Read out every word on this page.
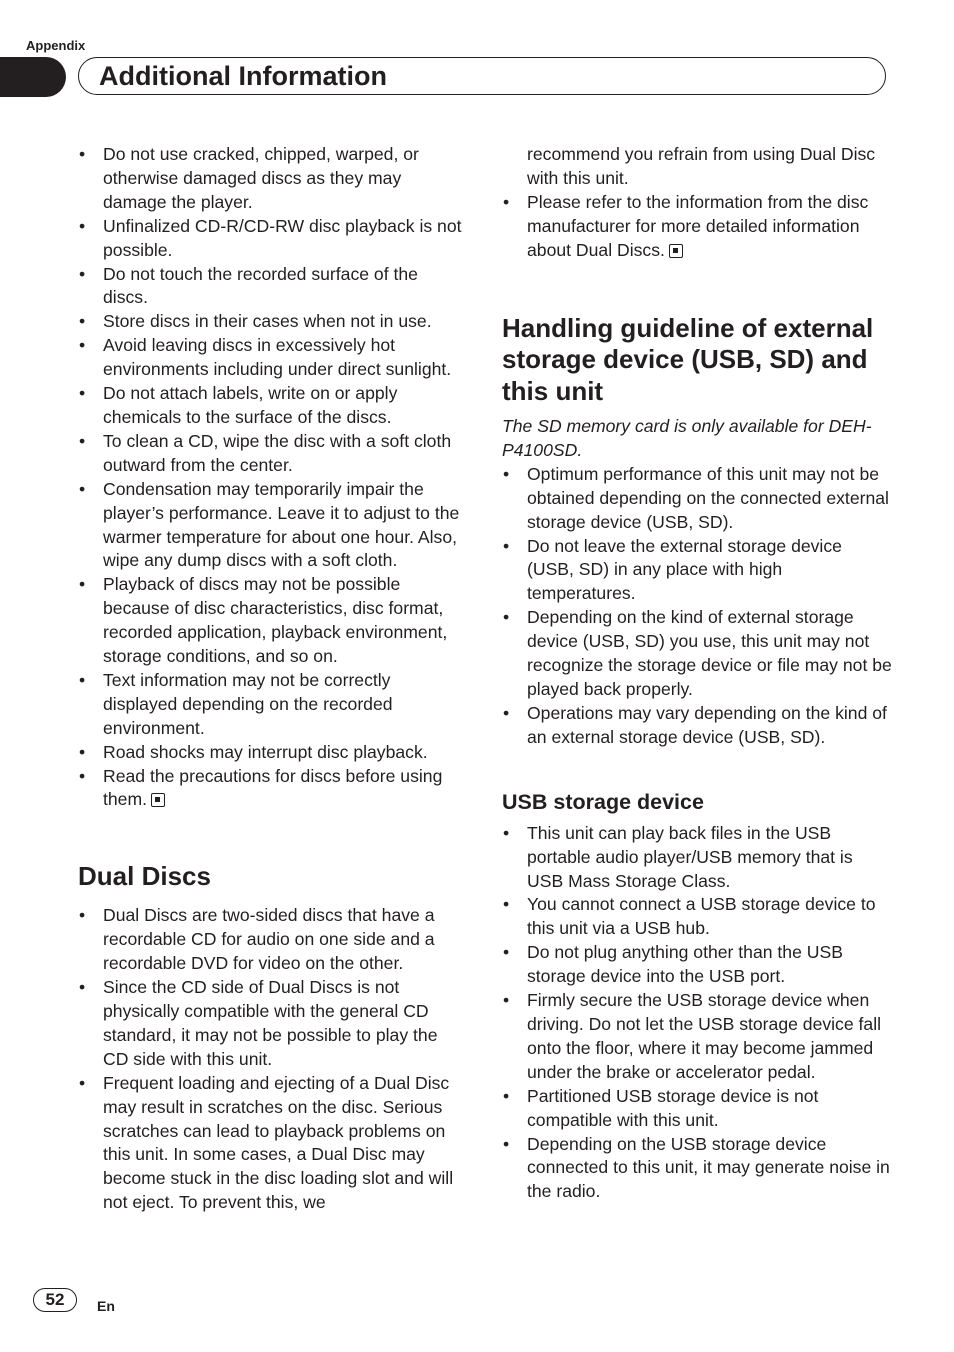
Appendix
Additional Information
• Do not use cracked, chipped, warped, or otherwise damaged discs as they may damage the player.
• Unfinalized CD-R/CD-RW disc playback is not possible.
• Do not touch the recorded surface of the discs.
• Store discs in their cases when not in use.
• Avoid leaving discs in excessively hot environments including under direct sunlight.
• Do not attach labels, write on or apply chemicals to the surface of the discs.
• To clean a CD, wipe the disc with a soft cloth outward from the center.
• Condensation may temporarily impair the player’s performance. Leave it to adjust to the warmer temperature for about one hour. Also, wipe any dump discs with a soft cloth.
• Playback of discs may not be possible because of disc characteristics, disc format, recorded application, playback environment, storage conditions, and so on.
• Text information may not be correctly displayed depending on the recorded environment.
• Road shocks may interrupt disc playback.
• Read the precautions for discs before using them.
Dual Discs
• Dual Discs are two-sided discs that have a recordable CD for audio on one side and a recordable DVD for video on the other.
• Since the CD side of Dual Discs is not physically compatible with the general CD standard, it may not be possible to play the CD side with this unit.
• Frequent loading and ejecting of a Dual Disc may result in scratches on the disc. Serious scratches can lead to playback problems on this unit. In some cases, a Dual Disc may become stuck in the disc loading slot and will not eject. To prevent this, we
recommend you refrain from using Dual Disc with this unit.
• Please refer to the information from the disc manufacturer for more detailed information about Dual Discs.
Handling guideline of external storage device (USB, SD) and this unit
The SD memory card is only available for DEH-P4100SD.
• Optimum performance of this unit may not be obtained depending on the connected external storage device (USB, SD).
• Do not leave the external storage device (USB, SD) in any place with high temperatures.
• Depending on the kind of external storage device (USB, SD) you use, this unit may not recognize the storage device or file may not be played back properly.
• Operations may vary depending on the kind of an external storage device (USB, SD).
USB storage device
• This unit can play back files in the USB portable audio player/USB memory that is USB Mass Storage Class.
• You cannot connect a USB storage device to this unit via a USB hub.
• Do not plug anything other than the USB storage device into the USB port.
• Firmly secure the USB storage device when driving. Do not let the USB storage device fall onto the floor, where it may become jammed under the brake or accelerator pedal.
• Partitioned USB storage device is not compatible with this unit.
• Depending on the USB storage device connected to this unit, it may generate noise in the radio.
52	En
